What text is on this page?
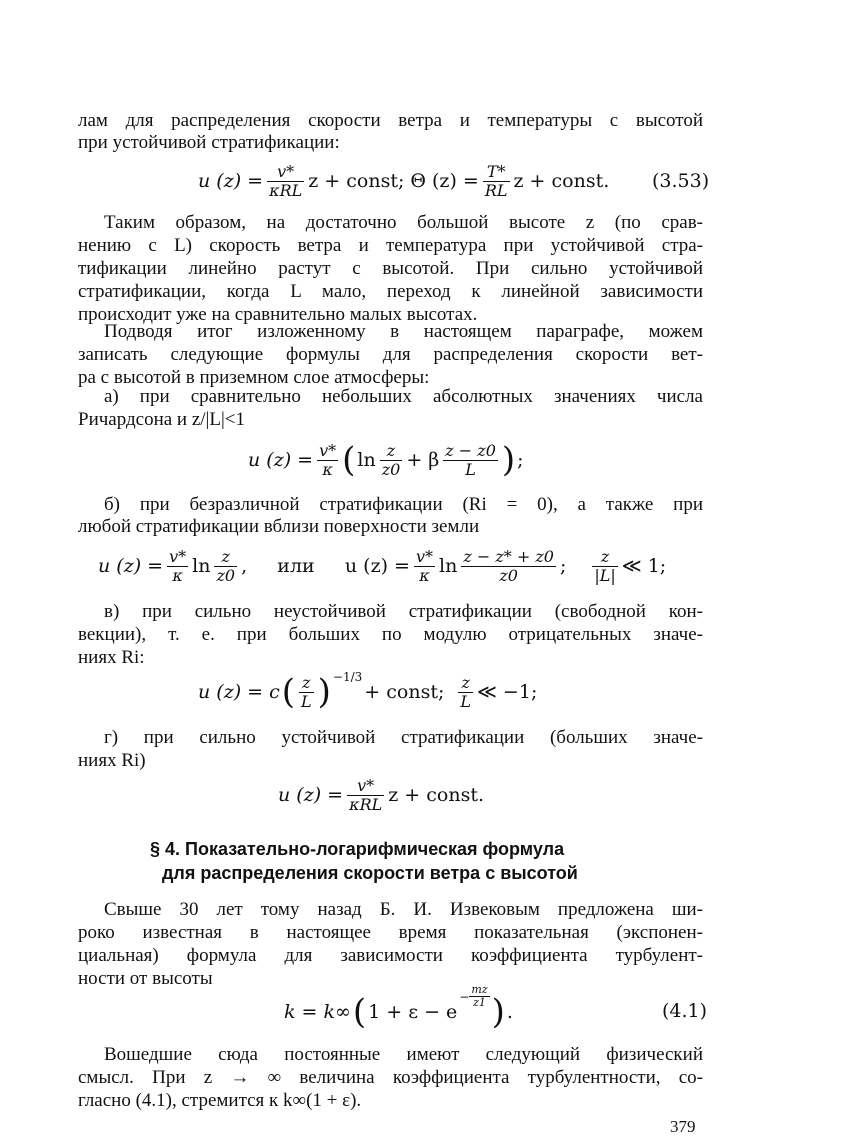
лам для распределения скорости ветра и температуры с высотой
при устойчивой стратификации:
u $(z) = \frac{v*}{\text{κRL}}$ z + const; Θ $(z) = \frac{T*}{RL}$ z + const. (3.53)
Таким образом, на достаточно большой высоте z (по срав-
нению с L) скорость ветра и температура при устойчивой стра-
тификации линейно растут с высотой. При сильно устойчивой
стратификации, когда L мало, переход к линейной зависимости
происходит уже на сравнительно малых высотах.
Подводя итог изложенному в настоящем параграфе, можем
записать следующие формулы для распределения скорости вет-
ра с высотой в приземном слое атмосферы:
а) при сравнительно небольших абсолютных значениях числа
Ричардсона и z/|L|<1
u $(z) = \frac{v*}{\kappa}$ ( $\ln \frac{z}{z0} + \beta \frac{z - z0}{L}$ ) ;
б) при безразличной стратификации (Ri = 0), а также при
любой стратификации вблизи поверхности земли
u $(z) = \frac{v*}{\kappa}$ $\ln \frac{z}{z0}$ ,     или     u $(z) = \frac{v*}{\kappa}$ $\ln \frac{z - z* + z0}{z0}$ ; $\frac{z}{|L|}$ ≪ 1;
в) при сильно неустойчивой стратификации (свободной кон-
векции), т. е. при больших по модулю отрицательных значе-
ниях Ri:
u (z) = c ( $\frac{z}{L}$ ) −1/3
+ const; $\frac{z}{L}$ ≪ −1;
г) при сильно устойчивой стратификации (больших значе-
ниях Ri)
u $(z) = \frac{v*}{\text{κRL}}$ z + const.
§ 4. Показательно-логарифмическая формула
для распределения скорости ветра с высотой
Свыше 30 лет тому назад Б. И. Извековым предложена ши-
роко известная в настоящее время показательная (экспонен-
циальная) формула для зависимости коэффициента турбулент-
ности от высоты
k = k∞ ( 1 + ε − e
− $\frac{mz}{z1}$ ) .	(4.1)
Вошедшие сюда постоянные имеют следующий физический
смысл. При z → ∞ величина коэффициента турбулентности, со-
гласно (4.1), стремится к k∞(1 + ε).
379
